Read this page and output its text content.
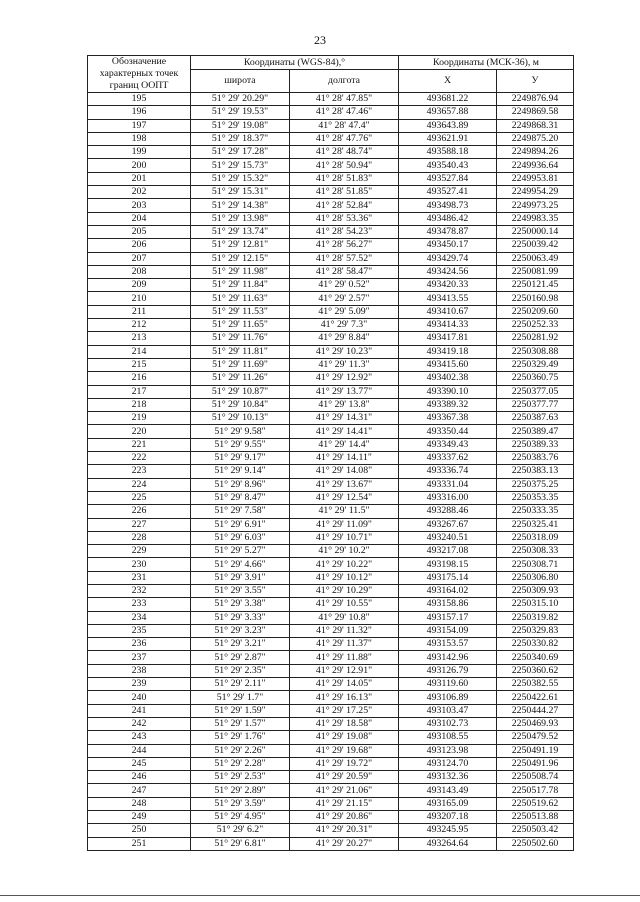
23
Обозначение характерных точек границ ООПТ	Координаты (WGS-84),°		Координаты (МСК-36), м	
	широта	долгота	X	У
195	51° 29' 20.29"	41° 28' 47.85"	493681.22	2249876.94
196	51° 29' 19.53"	41° 28' 47.46"	493657.88	2249869.58
197	51° 29' 19.08"	41° 28' 47.4"	493643.89	2249868.31
198	51° 29' 18.37"	41° 28' 47.76"	493621.91	2249875.20
199	51° 29' 17.28"	41° 28' 48.74"	493588.18	2249894.26
200	51° 29' 15.73"	41° 28' 50.94"	493540.43	2249936.64
201	51° 29' 15.32"	41° 28' 51.83"	493527.84	2249953.81
202	51° 29' 15.31"	41° 28' 51.85"	493527.41	2249954.29
203	51° 29' 14.38"	41° 28' 52.84"	493498.73	2249973.25
204	51° 29' 13.98"	41° 28' 53.36"	493486.42	2249983.35
205	51° 29' 13.74"	41° 28' 54.23"	493478.87	2250000.14
206	51° 29' 12.81"	41° 28' 56.27"	493450.17	2250039.42
207	51° 29' 12.15"	41° 28' 57.52"	493429.74	2250063.49
208	51° 29' 11.98"	41° 28' 58.47"	493424.56	2250081.99
209	51° 29' 11.84"	41° 29' 0.52"	493420.33	2250121.45
210	51° 29' 11.63"	41° 29' 2.57"	493413.55	2250160.98
211	51° 29' 11.53"	41° 29' 5.09"	493410.67	2250209.60
212	51° 29' 11.65"	41° 29' 7.3"	493414.33	2250252.33
213	51° 29' 11.76"	41° 29' 8.84"	493417.81	2250281.92
214	51° 29' 11.81"	41° 29' 10.23"	493419.18	2250308.88
215	51° 29' 11.69"	41° 29' 11.3"	493415.60	2250329.49
216	51° 29' 11.26"	41° 29' 12.92"	493402.38	2250360.75
217	51° 29' 10.87"	41° 29' 13.77"	493390.10	2250377.05
218	51° 29' 10.84"	41° 29' 13.8"	493389.32	2250377.77
219	51° 29' 10.13"	41° 29' 14.31"	493367.38	2250387.63
220	51° 29' 9.58"	41° 29' 14.41"	493350.44	2250389.47
221	51° 29' 9.55"	41° 29' 14.4"	493349.43	2250389.33
222	51° 29' 9.17"	41° 29' 14.11"	493337.62	2250383.76
223	51° 29' 9.14"	41° 29' 14.08"	493336.74	2250383.13
224	51° 29' 8.96"	41° 29' 13.67"	493331.04	2250375.25
225	51° 29' 8.47"	41° 29' 12.54"	493316.00	2250353.35
226	51° 29' 7.58"	41° 29' 11.5"	493288.46	2250333.35
227	51° 29' 6.91"	41° 29' 11.09"	493267.67	2250325.41
228	51° 29' 6.03"	41° 29' 10.71"	493240.51	2250318.09
229	51° 29' 5.27"	41° 29' 10.2"	493217.08	2250308.33
230	51° 29' 4.66"	41° 29' 10.22"	493198.15	2250308.71
231	51° 29' 3.91"	41° 29' 10.12"	493175.14	2250306.80
232	51° 29' 3.55"	41° 29' 10.29"	493164.02	2250309.93
233	51° 29' 3.38"	41° 29' 10.55"	493158.86	2250315.10
234	51° 29' 3.33"	41° 29' 10.8"	493157.17	2250319.82
235	51° 29' 3.23"	41° 29' 11.32"	493154.09	2250329.83
236	51° 29' 3.21"	41° 29' 11.37"	493153.57	2250330.82
237	51° 29' 2.87"	41° 29' 11.88"	493142.96	2250340.69
238	51° 29' 2.35"	41° 29' 12.91"	493126.79	2250360.62
239	51° 29' 2.11"	41° 29' 14.05"	493119.60	2250382.55
240	51° 29' 1.7"	41° 29' 16.13"	493106.89	2250422.61
241	51° 29' 1.59"	41° 29' 17.25"	493103.47	2250444.27
242	51° 29' 1.57"	41° 29' 18.58"	493102.73	2250469.93
243	51° 29' 1.76"	41° 29' 19.08"	493108.55	2250479.52
244	51° 29' 2.26"	41° 29' 19.68"	493123.98	2250491.19
245	51° 29' 2.28"	41° 29' 19.72"	493124.70	2250491.96
246	51° 29' 2.53"	41° 29' 20.59"	493132.36	2250508.74
247	51° 29' 2.89"	41° 29' 21.06"	493143.49	2250517.78
248	51° 29' 3.59"	41° 29' 21.15"	493165.09	2250519.62
249	51° 29' 4.95"	41° 29' 20.86"	493207.18	2250513.88
250	51° 29' 6.2"	41° 29' 20.31"	493245.95	2250503.42
251	51° 29' 6.81"	41° 29' 20.27"	493264.64	2250502.60
